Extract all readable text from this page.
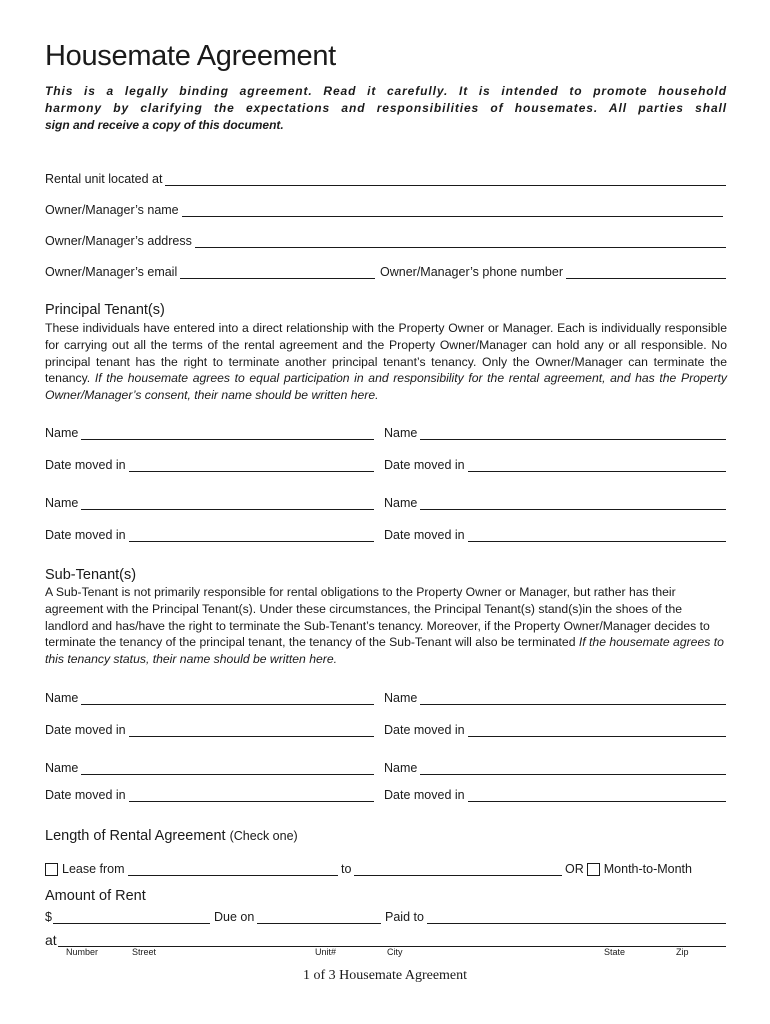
Housemate Agreement
This is a legally binding agreement. Read it carefully. It is intended to promote household
harmony by clarifying the expectations and responsibilities of housemates. All parties shall
sign and receive a copy of this document.
Rental unit located at
Owner/Manager’s name
Owner/Manager’s address
Owner/Manager’s email	Owner/Manager’s phone number
Principal Tenant(s)
These individuals have entered into a direct relationship with the Property Owner or Manager. Each is individually responsible for carrying out all the terms of the rental agreement and the Property Owner/Manager can hold any or all responsible. No principal tenant has the right to terminate another principal tenant’s tenancy. Only the Owner/Manager can terminate the tenancy. If the housemate agrees to equal participation in and responsibility for the rental agreement, and has the Property Owner/Manager’s consent, their name should be written here.
Name	Name
Date moved in	Date moved in
Name	Name
Date moved in	Date moved in
Sub-Tenant(s)
A Sub-Tenant is not primarily responsible for rental obligations to the Property Owner or Manager, but rather has their agreement with the Principal Tenant(s). Under these circumstances, the Principal Tenant(s) stand(s)in the shoes of the landlord and has/have the right to terminate the Sub-Tenant’s tenancy. Moreover, if the Property Owner/Manager decides to terminate the tenancy of the principal tenant, the tenancy of the Sub-Tenant will also be terminated If the housemate agrees to this tenancy status, their name should be written here.
Name	Name
Date moved in	Date moved in
Name	Name
Date moved in	Date moved in
Length of Rental Agreement (Check one)
Lease from	to	OR Month-to-Month
Amount of Rent
$	Due on	Paid to
at
Number	Street	Unit#	City	State	Zip
1 of 3 Housemate Agreement
